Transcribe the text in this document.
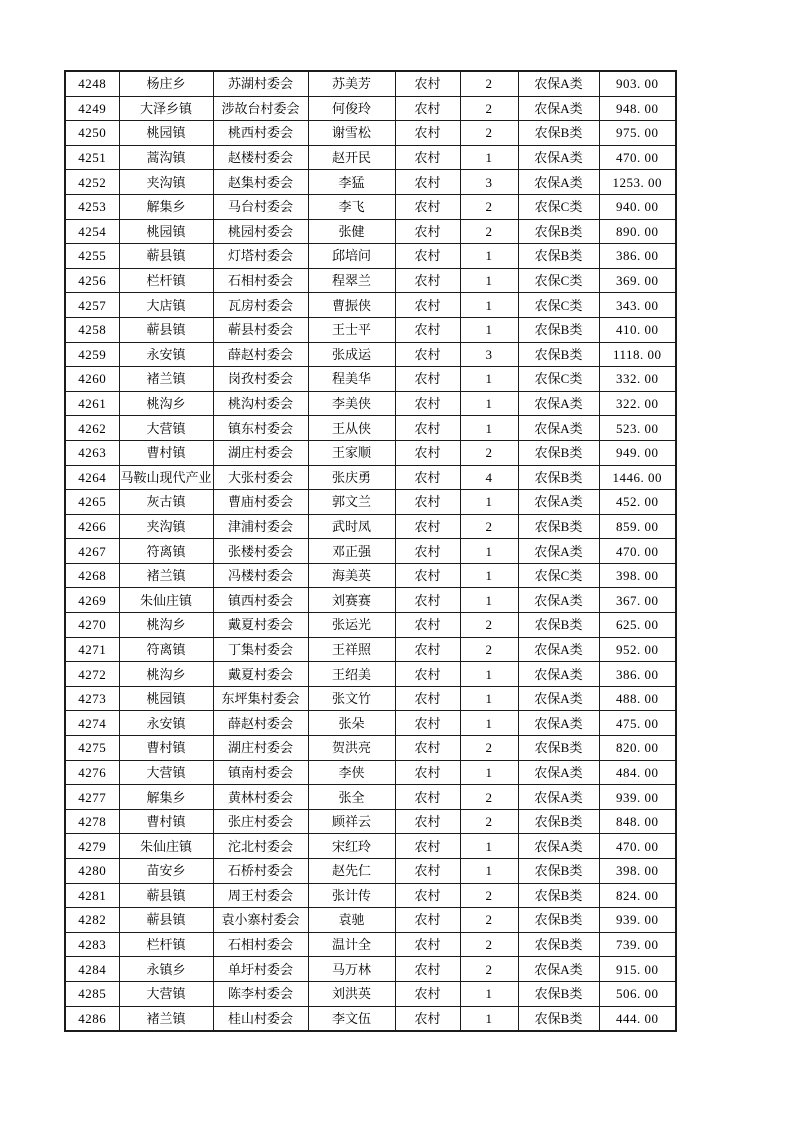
4248	杨庄乡	苏湖村委会	苏美芳	农村	2	农保A类	903. 00
4249	大泽乡镇	涉故台村委会	何俊玲	农村	2	农保A类	948. 00
4250	桃园镇	桃西村委会	谢雪松	农村	2	农保B类	975. 00
4251	蒿沟镇	赵楼村委会	赵开民	农村	1	农保A类	470. 00
4252	夹沟镇	赵集村委会	李猛	农村	3	农保A类	1253. 00
4253	解集乡	马台村委会	李飞	农村	2	农保C类	940. 00
4254	桃园镇	桃园村委会	张健	农村	2	农保B类	890. 00
4255	蕲县镇	灯塔村委会	邱培问	农村	1	农保B类	386. 00
4256	栏杆镇	石相村委会	程翠兰	农村	1	农保C类	369. 00
4257	大店镇	瓦房村委会	曹振侠	农村	1	农保C类	343. 00
4258	蕲县镇	蕲县村委会	王士平	农村	1	农保B类	410. 00
4259	永安镇	薛赵村委会	张成运	农村	3	农保B类	1118. 00
4260	褚兰镇	岗孜村委会	程美华	农村	1	农保C类	332. 00
4261	桃沟乡	桃沟村委会	李美侠	农村	1	农保A类	322. 00
4262	大营镇	镇东村委会	王从侠	农村	1	农保A类	523. 00
4263	曹村镇	湖庄村委会	王家顺	农村	2	农保B类	949. 00
4264	马鞍山现代产业	大张村委会	张庆勇	农村	4	农保B类	1446. 00
4265	灰古镇	曹庙村委会	郭文兰	农村	1	农保A类	452. 00
4266	夹沟镇	津浦村委会	武时凤	农村	2	农保B类	859. 00
4267	符离镇	张楼村委会	邓正强	农村	1	农保A类	470. 00
4268	褚兰镇	冯楼村委会	海美英	农村	1	农保C类	398. 00
4269	朱仙庄镇	镇西村委会	刘赛赛	农村	1	农保A类	367. 00
4270	桃沟乡	戴夏村委会	张运光	农村	2	农保B类	625. 00
4271	符离镇	丁集村委会	王祥照	农村	2	农保A类	952. 00
4272	桃沟乡	戴夏村委会	王绍美	农村	1	农保A类	386. 00
4273	桃园镇	东坪集村委会	张文竹	农村	1	农保A类	488. 00
4274	永安镇	薛赵村委会	张朵	农村	1	农保A类	475. 00
4275	曹村镇	湖庄村委会	贺洪亮	农村	2	农保B类	820. 00
4276	大营镇	镇南村委会	李侠	农村	1	农保A类	484. 00
4277	解集乡	黄林村委会	张全	农村	2	农保A类	939. 00
4278	曹村镇	张庄村委会	顾祥云	农村	2	农保B类	848. 00
4279	朱仙庄镇	沱北村委会	宋红玲	农村	1	农保A类	470. 00
4280	苗安乡	石桥村委会	赵先仁	农村	1	农保B类	398. 00
4281	蕲县镇	周王村委会	张计传	农村	2	农保B类	824. 00
4282	蕲县镇	袁小寨村委会	袁驰	农村	2	农保B类	939. 00
4283	栏杆镇	石相村委会	温计全	农村	2	农保B类	739. 00
4284	永镇乡	单圩村委会	马万林	农村	2	农保A类	915. 00
4285	大营镇	陈李村委会	刘洪英	农村	1	农保B类	506. 00
4286	褚兰镇	桂山村委会	李文伍	农村	1	农保B类	444. 00
